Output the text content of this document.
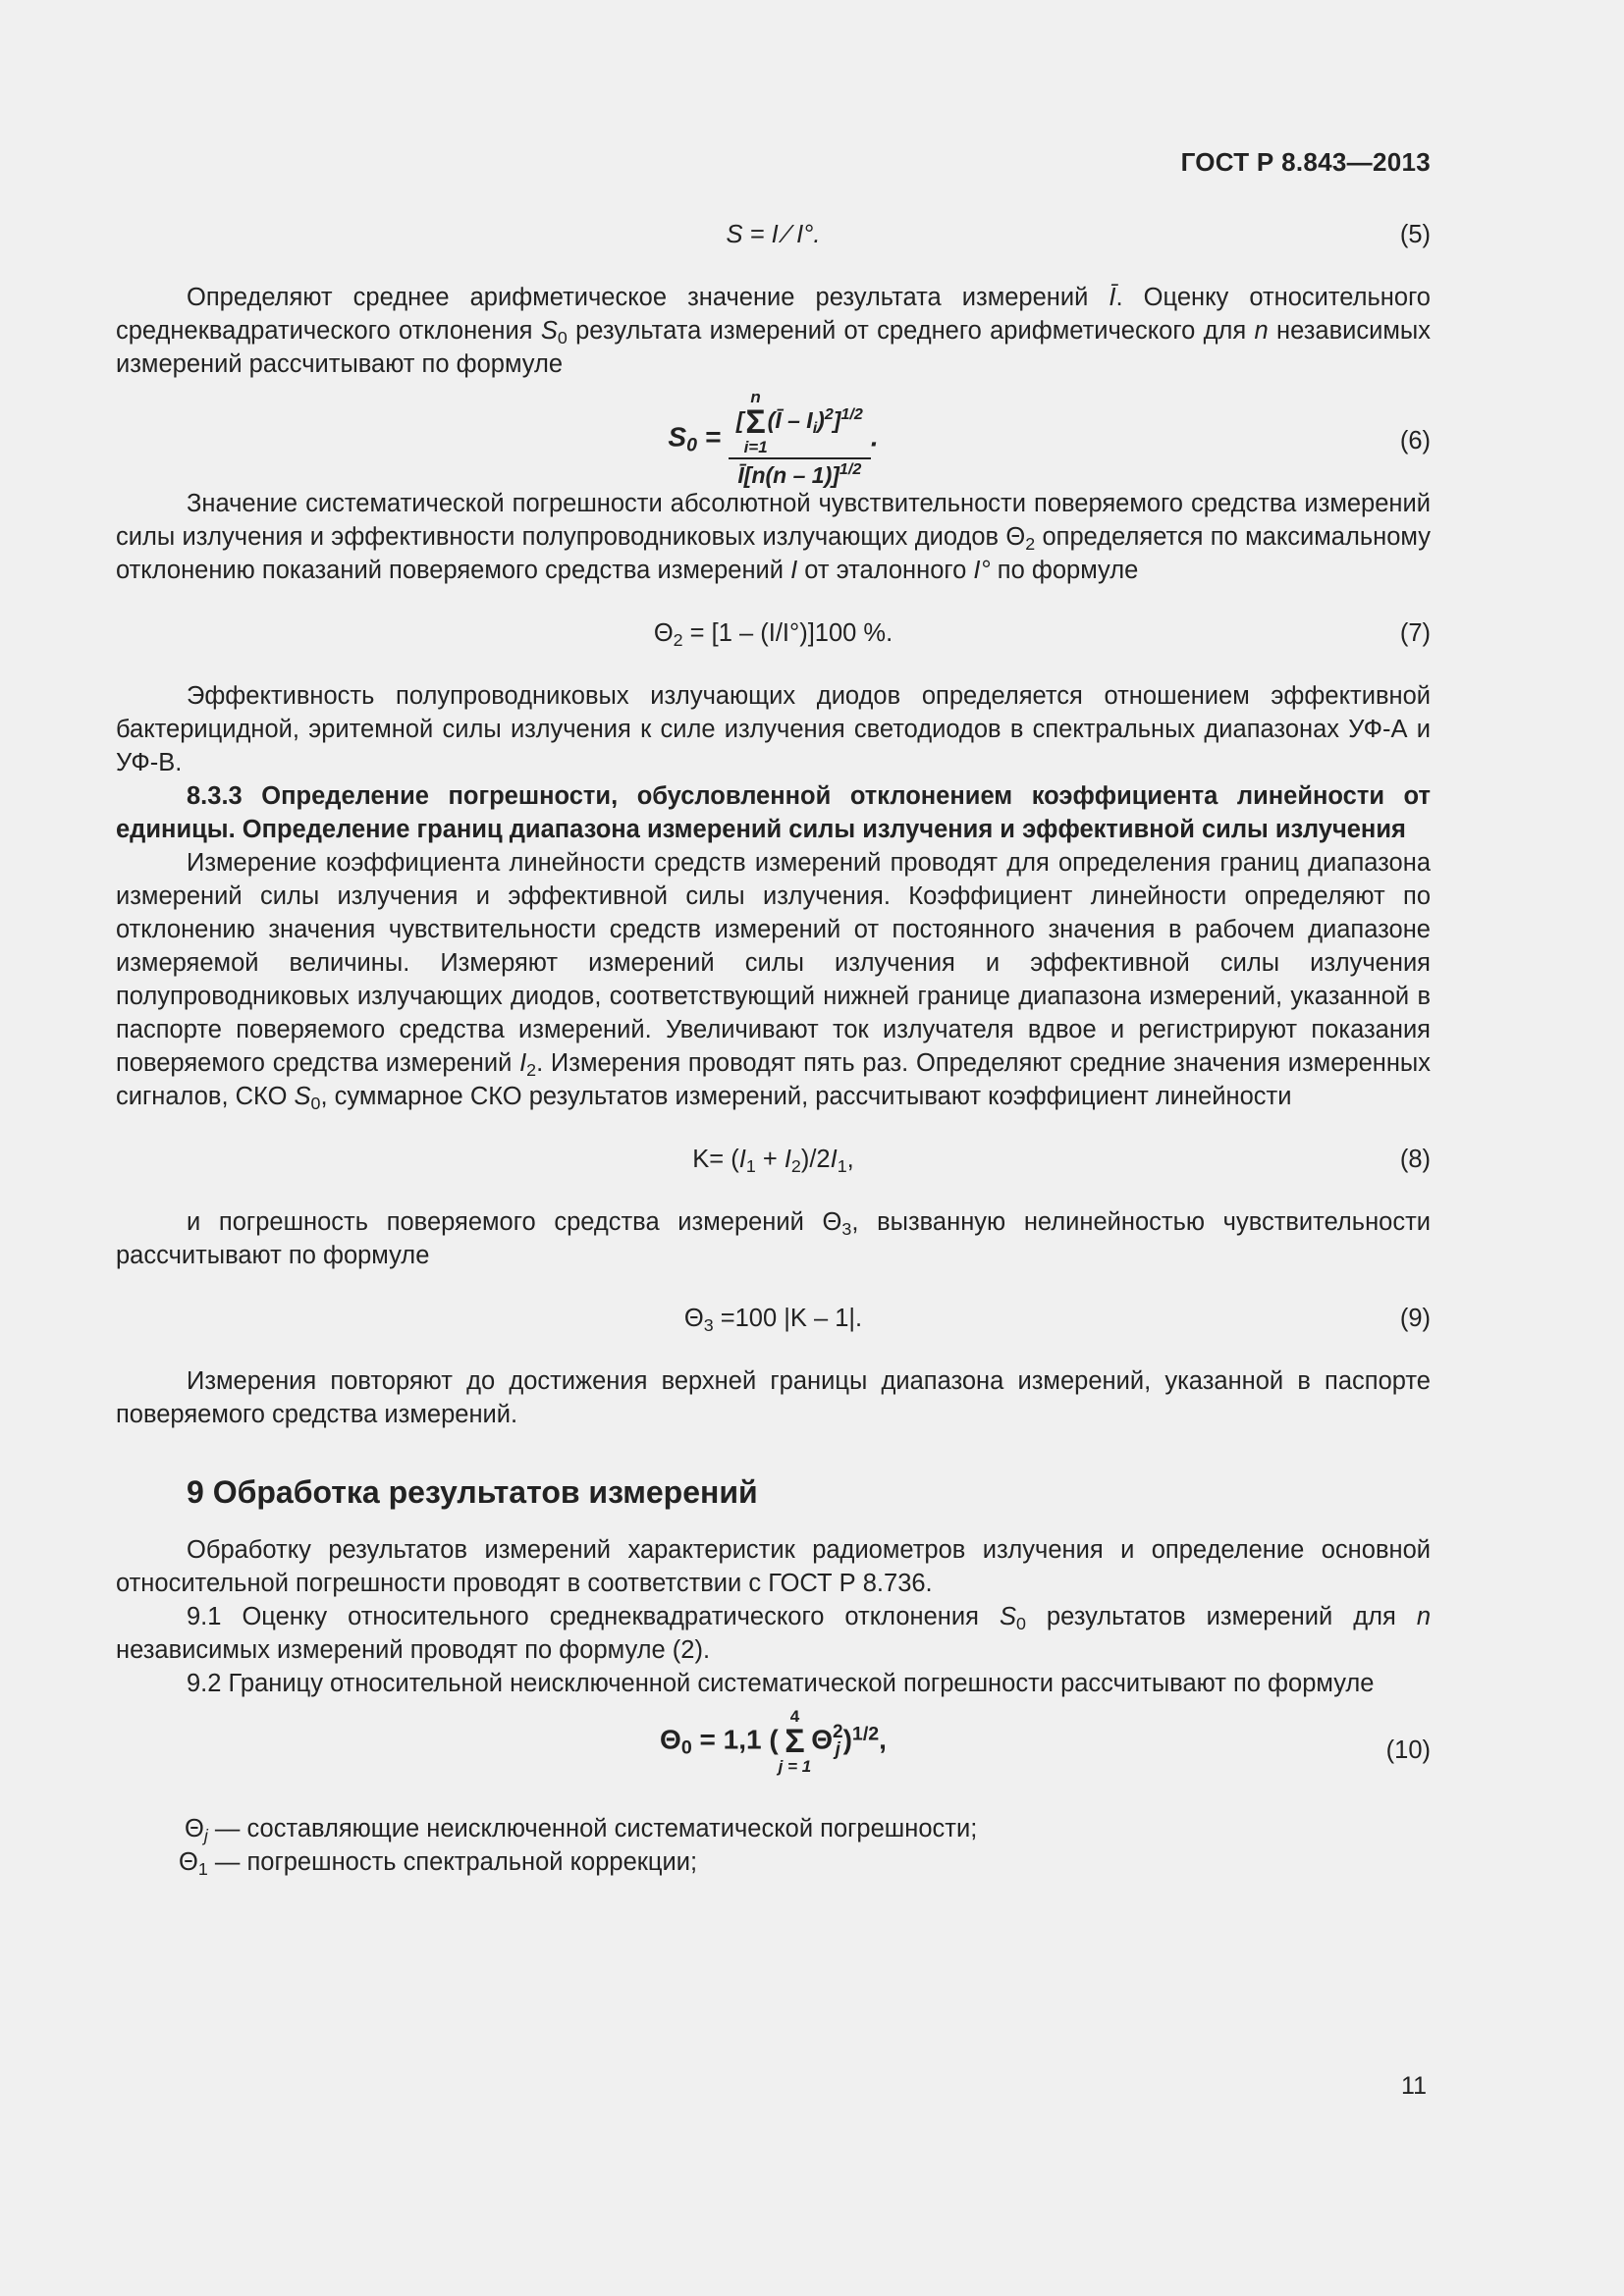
ГОСТ Р 8.843—2013
S = I ⁄ I°.	(5)

Определяют среднее арифметическое значение результата измерений Ī. Оценку относительного среднеквадратического отклонения $S_0$ результата измерений от среднего арифметического для n независимых измерений рассчитывают по формуле

$S_0$ = [
n
Σ
i=1
(Ī – $I_i)^2]^{1/2}$
Ī[n(n – 1)]$^{1/2}$ .	(6)

Значение систематической погрешности абсолютной чувствительности поверяемого средства измерений силы излучения и эффективности полупроводниковых излучающих диодов $\Theta_2$ определяется по максимальному отклонению показаний поверяемого средства измерений I от эталонного I° по формуле

$\Theta_2 = [1 - (I/I^\circ)]100$ %.	(7)

Эффективность полупроводниковых излучающих диодов определяется отношением эффективной бактерицидной, эритемной силы излучения к силе излучения светодиодов в спектральных диапазонах УФ-А и УФ-В.

8.3.3 Определение погрешности, обусловленной отклонением коэффициента линейности от единицы. Определение границ диапазона измерений силы излучения и эффективной силы излучения

Измерение коэффициента линейности средств измерений проводят для определения границ диапазона измерений силы излучения и эффективной силы излучения. Коэффициент линейности определяют по отклонению значения чувствительности средств измерений от постоянного значения в рабочем диапазоне измеряемой величины. Измеряют измерений силы излучения и эффективной силы излучения полупроводниковых излучающих диодов, соответствующий нижней границе диапазона измерений, указанной в паспорте поверяемого средства измерений. Увеличивают ток излучателя вдвое и регистрируют показания поверяемого средства измерений $I_2$. Измерения проводят пять раз. Определяют средние значения измеренных сигналов, СКО $S_0$, суммарное СКО результатов измерений, рассчитывают коэффициент линейности

$K= (I_1 + I_2)/2I_1$,	(8)

и погрешность поверяемого средства измерений $\Theta_3$, вызванную нелинейностью чувствительности рассчитывают по формуле

$\Theta_3 =100$ |K – 1|.	(9)

Измерения повторяют до достижения верхней границы диапазона измерений, указанной в паспорте поверяемого средства измерений.

9 Обработка результатов измерений

Обработку результатов измерений характеристик радиометров излучения и определение основной относительной погрешности проводят в соответствии с ГОСТ Р 8.736.

9.1 Оценку относительного среднеквадратического отклонения $S_0$ результатов измерений для n независимых измерений проводят по формуле (2).

9.2 Границу относительной неисключенной систематической погрешности рассчитывают по формуле

$\Theta_0 = 1,1$ (
4
Σ
j = 1
Θ 2
j )$^{1/2}$,	(10)

$\Theta_j$ — составляющие неисключенной систематической погрешности;

$\Theta_1$ — погрешность спектральной коррекции;

11
